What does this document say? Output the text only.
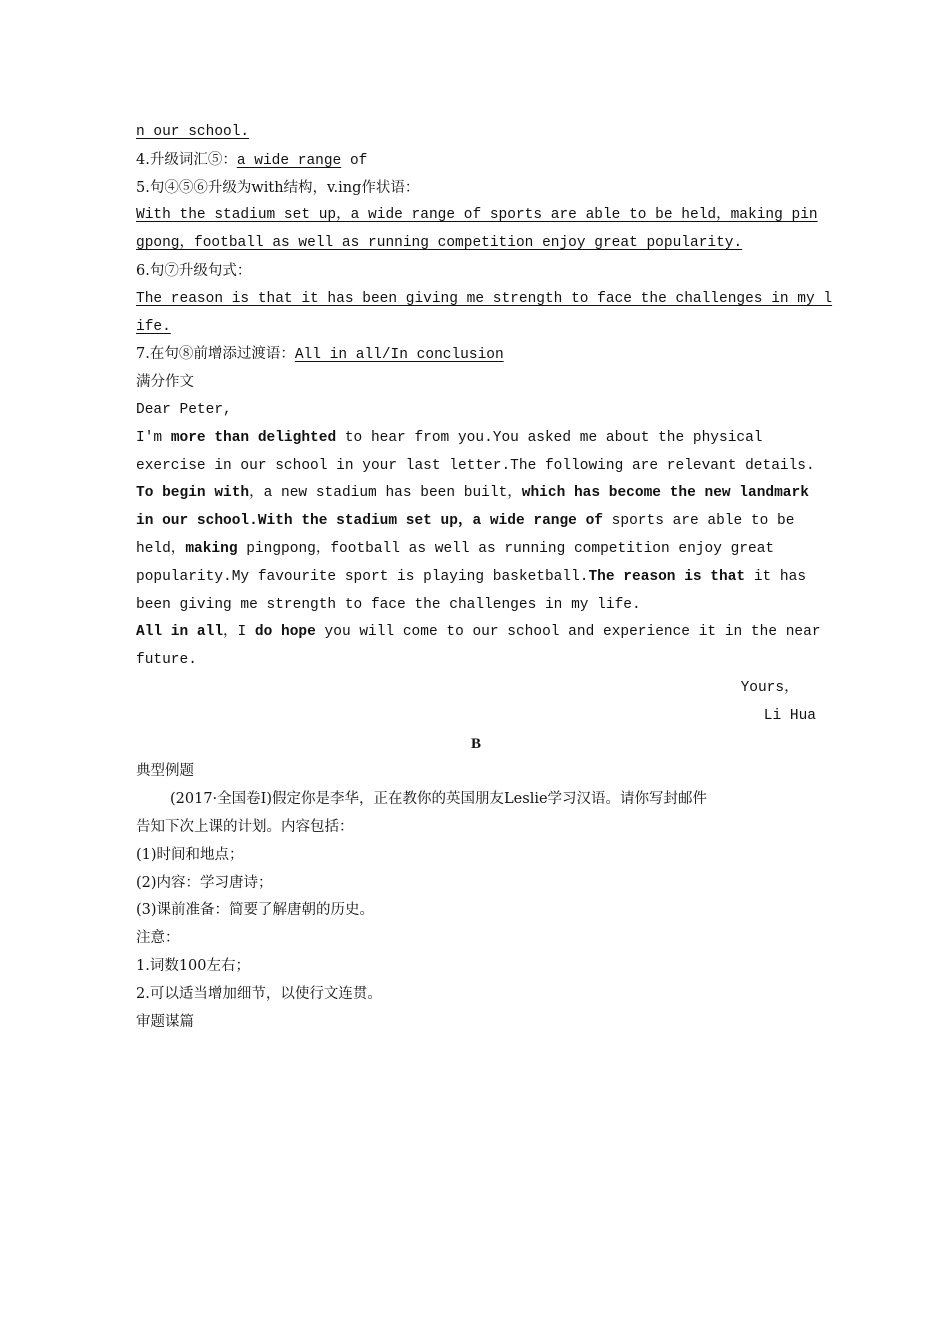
n our school.
4.升级词汇⑤：a wide range of
5.句④⑤⑥升级为with结构，v.ing作状语：
With the stadium set up，a wide range of sports are able to be held，making pin
gpong，football as well as running competition enjoy great popularity.
6.句⑦升级句式：
The reason is that it has been giving me strength to face the challenges in my l
ife.
7.在句⑧前增添过渡语：All in all/In conclusion
满分作文
Dear Peter,
I'm more than delighted to hear from you.You asked me about the physical
exercise in our school in your last letter.The following are relevant details.
To begin with，a new stadium has been built，which has become the new landmark
in our school.With the stadium set up，a wide range of sports are able to be
held，making pingpong，football as well as running competition enjoy great
popularity.My favourite sport is playing basketball.The reason is that it has
been giving me strength to face the challenges in my life.
All in all，I do hope you will come to our school and experience it in the near
future.
Yours，
Li Hua
B
典型例题
(2017·全国卷Ⅰ)假定你是李华，正在教你的英国朋友Leslie学习汉语。请你写封邮件
告知下次上课的计划。内容包括：
(1)时间和地点；
(2)内容：学习唐诗；
(3)课前准备：简要了解唐朝的历史。
注意：
1.词数100左右；
2.可以适当增加细节，以使行文连贯。
审题谋篇
